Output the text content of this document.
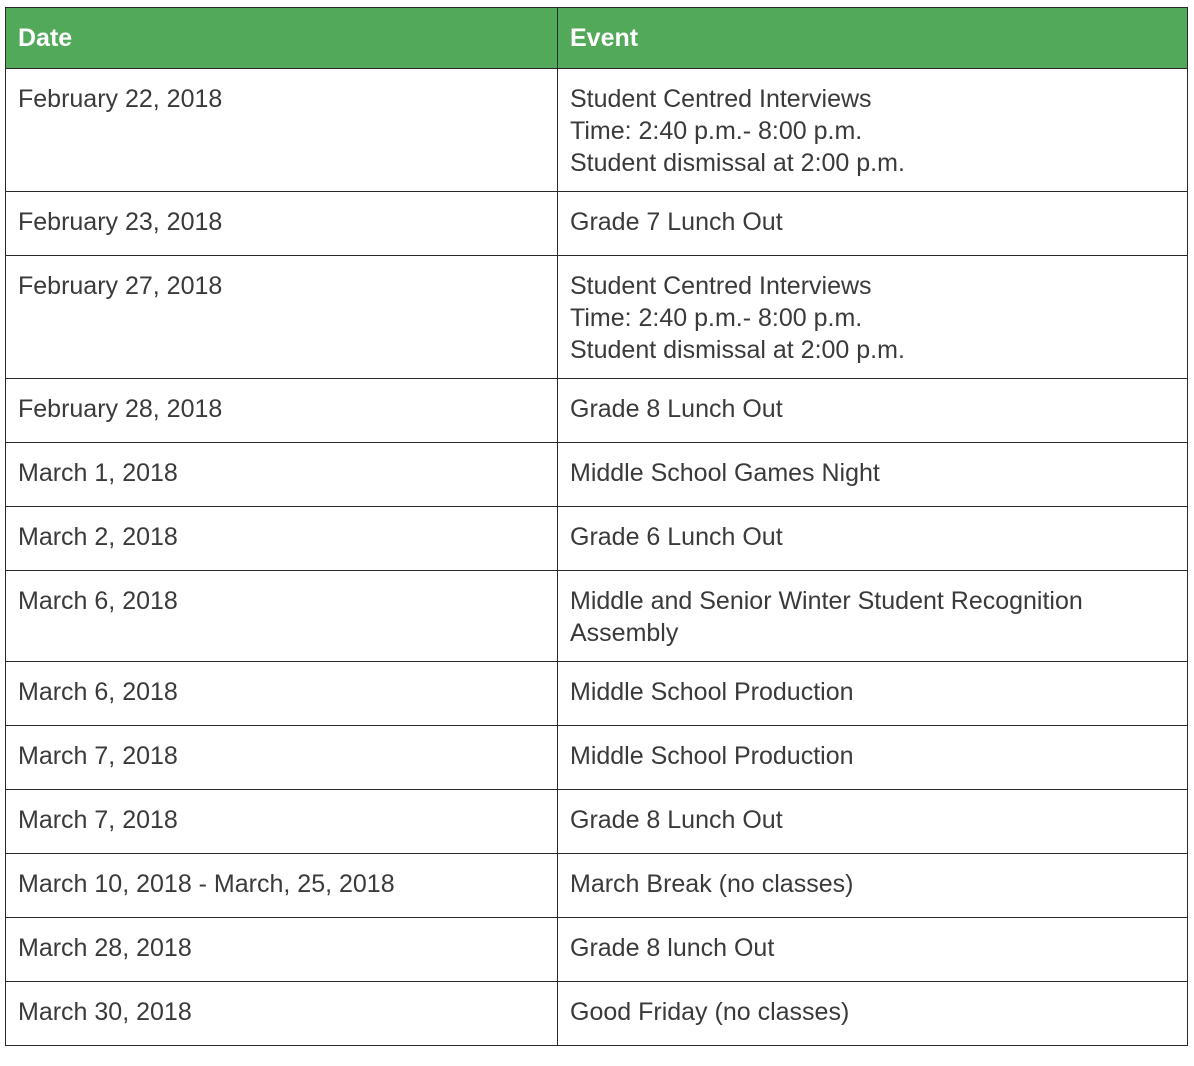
Date	Event
February 22, 2018	Student Centred Interviews
Time: 2:40 p.m.- 8:00 p.m.
Student dismissal at 2:00 p.m.

February 23, 2018	Grade 7 Lunch Out
February 27, 2018	Student Centred Interviews
Time: 2:40 p.m.- 8:00 p.m.
Student dismissal at 2:00 p.m.

February 28, 2018	Grade 8 Lunch Out
March 1, 2018	Middle School Games Night
March 2, 2018	Grade 6 Lunch Out
March 6, 2018	Middle and Senior Winter Student Recognition Assembly
March 6, 2018	Middle School Production
March 7, 2018	Middle School Production
March 7, 2018	Grade 8 Lunch Out
March 10, 2018 - March, 25, 2018	March Break (no classes)
March 28, 2018	Grade 8 lunch Out
March 30, 2018	Good Friday (no classes)
